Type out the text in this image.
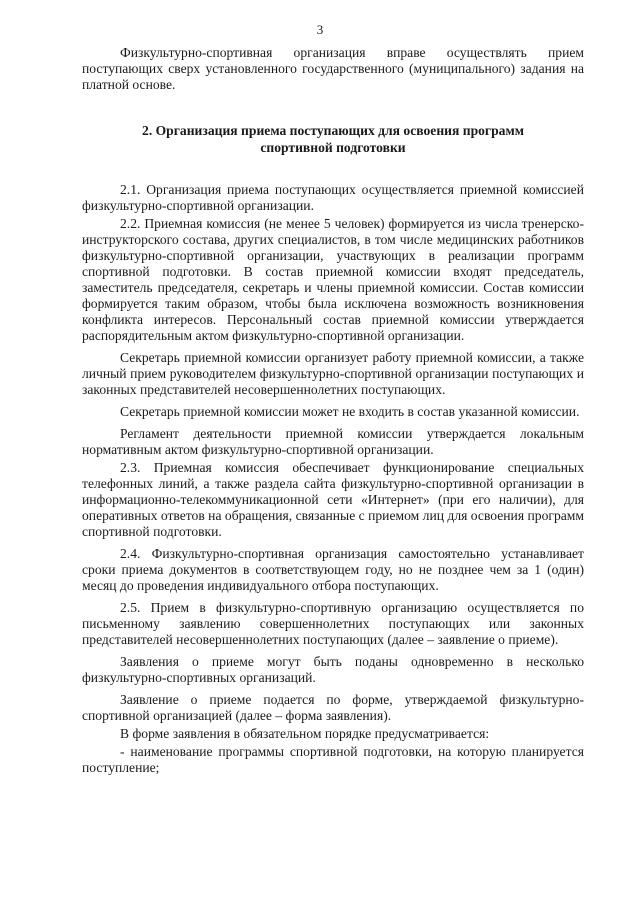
3

Физкультурно-спортивная организация вправе осуществлять прием поступающих сверх установленного государственного (муниципального) задания на платной основе.

2. Организация приема поступающих для освоения программ спортивной подготовки

2.1. Организация приема поступающих осуществляется приемной комиссией физкультурно-спортивной организации.

2.2. Приемная комиссия (не менее 5 человек) формируется из числа тренерско-инструкторского состава, других специалистов, в том числе медицинских работников физкультурно-спортивной организации, участвующих в реализации программ спортивной подготовки. В состав приемной комиссии входят председатель, заместитель председателя, секретарь и члены приемной комиссии. Состав комиссии формируется таким образом, чтобы была исключена возможность возникновения конфликта интересов. Персональный состав приемной комиссии утверждается распорядительным актом физкультурно-спортивной организации.

Секретарь приемной комиссии организует работу приемной комиссии, а также личный прием руководителем физкультурно-спортивной организации поступающих и законных представителей несовершеннолетних поступающих.

Секретарь приемной комиссии может не входить в состав указанной комиссии.

Регламент деятельности приемной комиссии утверждается локальным нормативным актом физкультурно-спортивной организации.

2.3. Приемная комиссия обеспечивает функционирование специальных телефонных линий, а также раздела сайта физкультурно-спортивной организации в информационно-телекоммуникационной сети «Интернет» (при его наличии), для оперативных ответов на обращения, связанные с приемом лиц для освоения программ спортивной подготовки.

2.4. Физкультурно-спортивная организация самостоятельно устанавливает сроки приема документов в соответствующем году, но не позднее чем за 1 (один) месяц до проведения индивидуального отбора поступающих.

2.5. Прием в физкультурно-спортивную организацию осуществляется по письменному заявлению совершеннолетних поступающих или законных представителей несовершеннолетних поступающих (далее – заявление о приеме).

Заявления о приеме могут быть поданы одновременно в несколько физкультурно-спортивных организаций.

Заявление о приеме подается по форме, утверждаемой физкультурно-спортивной организацией (далее – форма заявления).

В форме заявления в обязательном порядке предусматривается:

- наименование программы спортивной подготовки, на которую планируется поступление;
